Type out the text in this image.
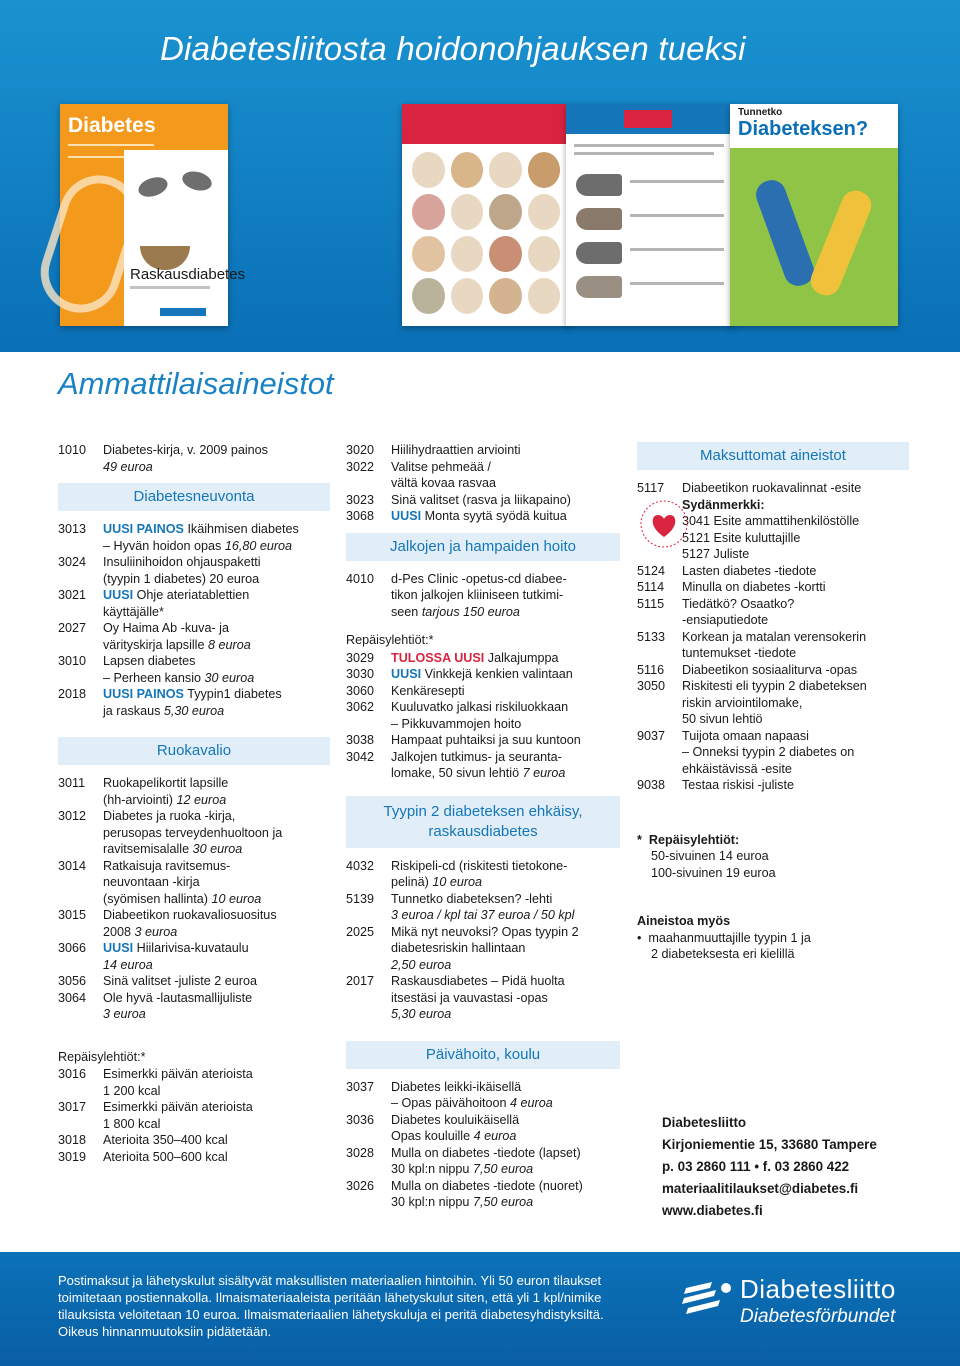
Diabetesliitosta hoidonohjauksen tueksi
Diabetes
Raskausdiabetes
Tunnetko
Diabeteksen?
Ammattilaisaineistot
1010	Diabetes-kirja, v. 2009 painos
49 euroa
Diabetesneuvonta
3013	UUSI PAINOS Ikäihmisen diabetes
– Hyvän hoidon opas 16,80 euroa
3024	Insuliinihoidon ohjauspaketti
(tyypin 1 diabetes) 20 euroa
3021	UUSI Ohje ateriatablettien
käyttäjälle*
2027	Oy Haima Ab -kuva- ja
värityskirja lapsille 8 euroa
3010	Lapsen diabetes
– Perheen kansio 30 euroa
2018	UUSI PAINOS Tyypin1 diabetes
ja raskaus 5,30 euroa
Ruokavalio
3011	Ruokapelikortit lapsille
(hh-arviointi) 12 euroa
3012	Diabetes ja ruoka -kirja,
perusopas terveydenhuoltoon ja
ravitsemisalalle 30 euroa
3014	Ratkaisuja ravitsemus-
neuvontaan -kirja
(syömisen hallinta) 10 euroa
3015	Diabeetikon ruokavaliosuositus
2008 3 euroa
3066	UUSI Hiilarivisa-kuvataulu
14 euroa
3056	Sinä valitset -juliste 2 euroa
3064	Ole hyvä -lautasmallijuliste
3 euroa
Repäisylehtiöt:*
3016	Esimerkki päivän aterioista
1 200 kcal
3017	Esimerkki päivän aterioista
1 800 kcal
3018	Aterioita 350–400 kcal
3019	Aterioita 500–600 kcal
3020	Hiilihydraattien arviointi
3022	Valitse pehmeää /
vältä kovaa rasvaa
3023	Sinä valitset (rasva ja liikapaino)
3068	UUSI Monta syytä syödä kuitua
Jalkojen ja hampaiden hoito
4010	d-Pes Clinic -opetus-cd diabee-
tikon jalkojen kliiniseen tutkimi-
seen tarjous 150 euroa
Repäisylehtiöt:*
3029	TULOSSA UUSI Jalkajumppa
3030	UUSI Vinkkejä kenkien valintaan
3060	Kenkäresepti
3062	Kuuluvatko jalkasi riskiluokkaan
– Pikkuvammojen hoito
3038	Hampaat puhtaiksi ja suu kuntoon
3042	Jalkojen tutkimus- ja seuranta-
lomake, 50 sivun lehtiö 7 euroa
Tyypin 2 diabeteksen ehkäisy,
raskausdiabetes
4032	Riskipeli-cd (riskitesti tietokone-
pelinä) 10 euroa
5139	Tunnetko diabeteksen? -lehti
3 euroa / kpl tai 37 euroa / 50 kpl
2025	Mikä nyt neuvoksi? Opas tyypin 2
diabetesriskin hallintaan
2,50 euroa
2017	Raskausdiabetes – Pidä huolta
itsestäsi ja vauvastasi -opas
5,30 euroa
Päivähoito, koulu
3037	Diabetes leikki-ikäisellä
– Opas päivähoitoon 4 euroa
3036	Diabetes kouluikäisellä
Opas kouluille 4 euroa
3028	Mulla on diabetes -tiedote (lapset)
30 kpl:n nippu 7,50 euroa
3026	Mulla on diabetes -tiedote (nuoret)
30 kpl:n nippu 7,50 euroa
Maksuttomat aineistot
5117	Diabeetikon ruokavalinnat -esite
Sydänmerkki:
3041 Esite ammattihenkilöstölle
5121 Esite kuluttajille
5127 Juliste
5124	Lasten diabetes -tiedote
5114	Minulla on diabetes -kortti
5115	Tiedätkö? Osaatko?
-ensiaputiedote
5133	Korkean ja matalan verensokerin
tuntemukset -tiedote
5116	Diabeetikon sosiaaliturva -opas
3050	Riskitesti eli tyypin 2 diabeteksen
riskin arviointilomake,
50 sivun lehtiö
9037	Tuijota omaan napaasi
– Onneksi tyypin 2 diabetes on
ehkäistävissä -esite
9038	Testaa riskisi -juliste
* Repäisylehtiöt:
50-sivuinen 14 euroa
100-sivuinen 19 euroa
Aineistoa myös
•  maahanmuuttajille tyypin 1 ja
2 diabeteksesta eri kielillä
Diabetesliitto
Kirjoniementie 15, 33680 Tampere
p. 03 2860 111 • f. 03 2860 422
materiaalitilaukset@diabetes.fi
www.diabetes.fi
Postimaksut ja lähetyskulut sisältyvät maksullisten materiaalien hintoihin. Yli 50 euron tilaukset toimitetaan postiennakolla. Ilmaismateriaaleista peritään lähetyskulut siten, että yli 1 kpl/nimike tilauksista veloitetaan 10 euroa. Ilmaismateriaalien lähetyskuluja ei peritä diabetesyhdistyksiltä. Oikeus hinnanmuutoksiin pidätetään.
Diabetesliitto
Diabetesförbundet
